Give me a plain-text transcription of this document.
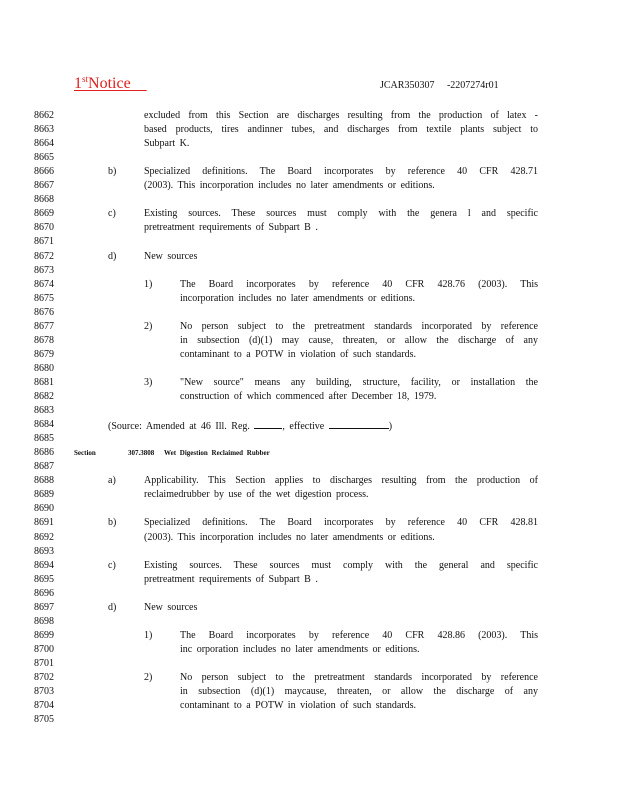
1stNotice	JCAR350307     -2207274r01
8662	excluded from this Section are discharges resulting from the production of latex -
8663	based products, tires andinner tubes, and discharges from textile plants subject to
8664	Subpart K.
8665
8666	b)	Specialized definitions. The Board incorporates by reference 40 CFR 428.71
8667	(2003). This incorporation includes no later amendments or editions.
8668
8669	c)	Existing sources. These sources must comply with the genera l and specific
8670	pretreatment requirements of Subpart B .
8671
8672	d)	New sources
8673
8674	1)	The Board incorporates by reference 40 CFR 428.76 (2003). This
8675	incorporation includes no later amendments or editions.
8676
8677	2)	No person subject to the pretreatment standards incorporated by reference
8678	in subsection (d)(1) may cause, threaten, or allow the discharge of any
8679	contaminant to a POTW in violation of such standards.
8680
8681	3)	"New source" means any building, structure, facility, or installation the
8682	construction of which commenced after December 18, 1979.
8683
8684	(Source: Amended at 46 Ill. Reg.	, effective	)
8685
8686	Section	307.3808 Wet Digestion Reclaimed Rubber
8687
8688	a)	Applicability. This Section applies to discharges resulting from the production of
8689	reclaimedrubber by use of the wet digestion process.
8690
8691	b)	Specialized definitions. The Board incorporates by reference 40 CFR 428.81
8692	(2003). This incorporation includes no later amendments or editions.
8693
8694	c)	Existing sources. These sources must comply with the general and specific
8695	pretreatment requirements of Subpart B .
8696
8697	d)	New sources
8698
8699	1)	The Board incorporates by reference 40 CFR 428.86 (2003). This
8700	inc orporation includes no later amendments or editions.
8701
8702	2)	No person subject to the pretreatment standards incorporated by reference
8703	in subsection (d)(1) maycause, threaten, or allow the discharge of any
8704	contaminant to a POTW in violation of such standards.
8705
